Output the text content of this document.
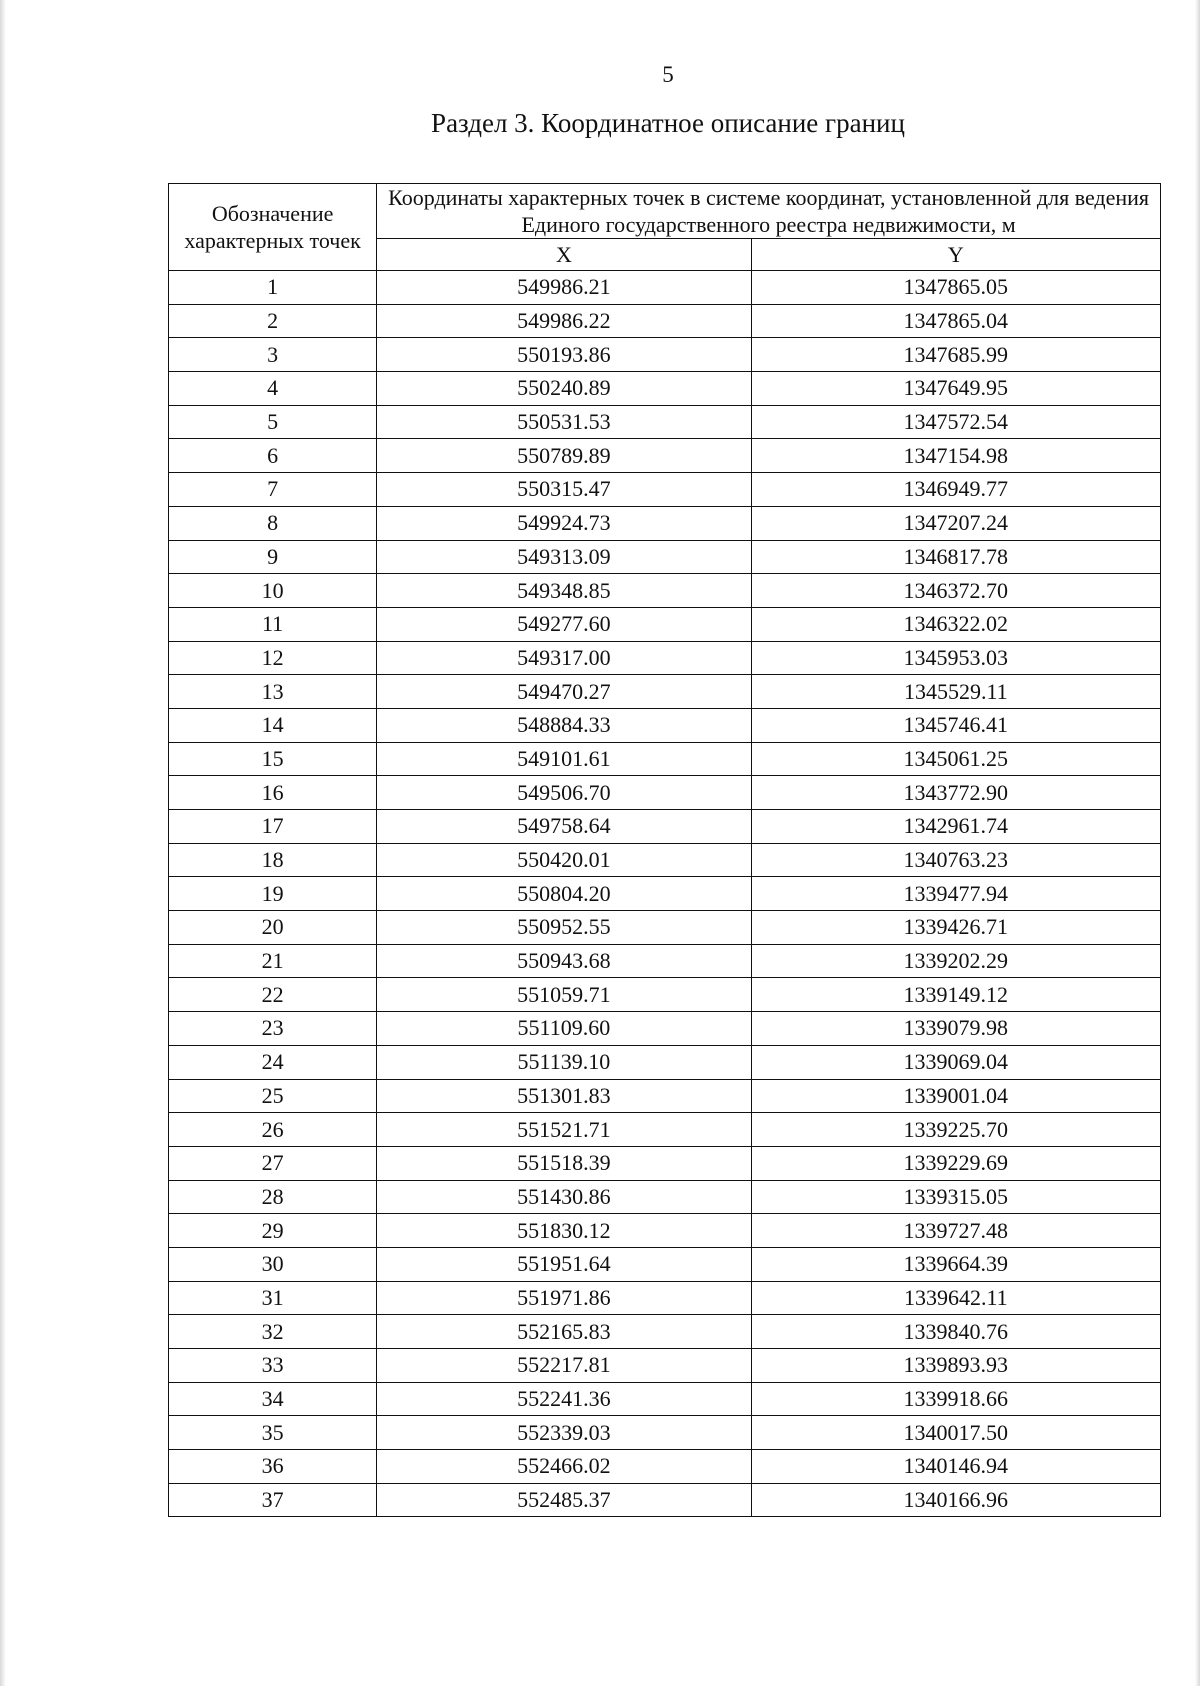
5
Раздел 3. Координатное описание границ
Обозначение характерных точек	Координаты характерных точек в системе координат, установленной для ведения Единого государственного реестра недвижимости, м	
	X	Y
1	549986.21	1347865.05
2	549986.22	1347865.04
3	550193.86	1347685.99
4	550240.89	1347649.95
5	550531.53	1347572.54
6	550789.89	1347154.98
7	550315.47	1346949.77
8	549924.73	1347207.24
9	549313.09	1346817.78
10	549348.85	1346372.70
11	549277.60	1346322.02
12	549317.00	1345953.03
13	549470.27	1345529.11
14	548884.33	1345746.41
15	549101.61	1345061.25
16	549506.70	1343772.90
17	549758.64	1342961.74
18	550420.01	1340763.23
19	550804.20	1339477.94
20	550952.55	1339426.71
21	550943.68	1339202.29
22	551059.71	1339149.12
23	551109.60	1339079.98
24	551139.10	1339069.04
25	551301.83	1339001.04
26	551521.71	1339225.70
27	551518.39	1339229.69
28	551430.86	1339315.05
29	551830.12	1339727.48
30	551951.64	1339664.39
31	551971.86	1339642.11
32	552165.83	1339840.76
33	552217.81	1339893.93
34	552241.36	1339918.66
35	552339.03	1340017.50
36	552466.02	1340146.94
37	552485.37	1340166.96
